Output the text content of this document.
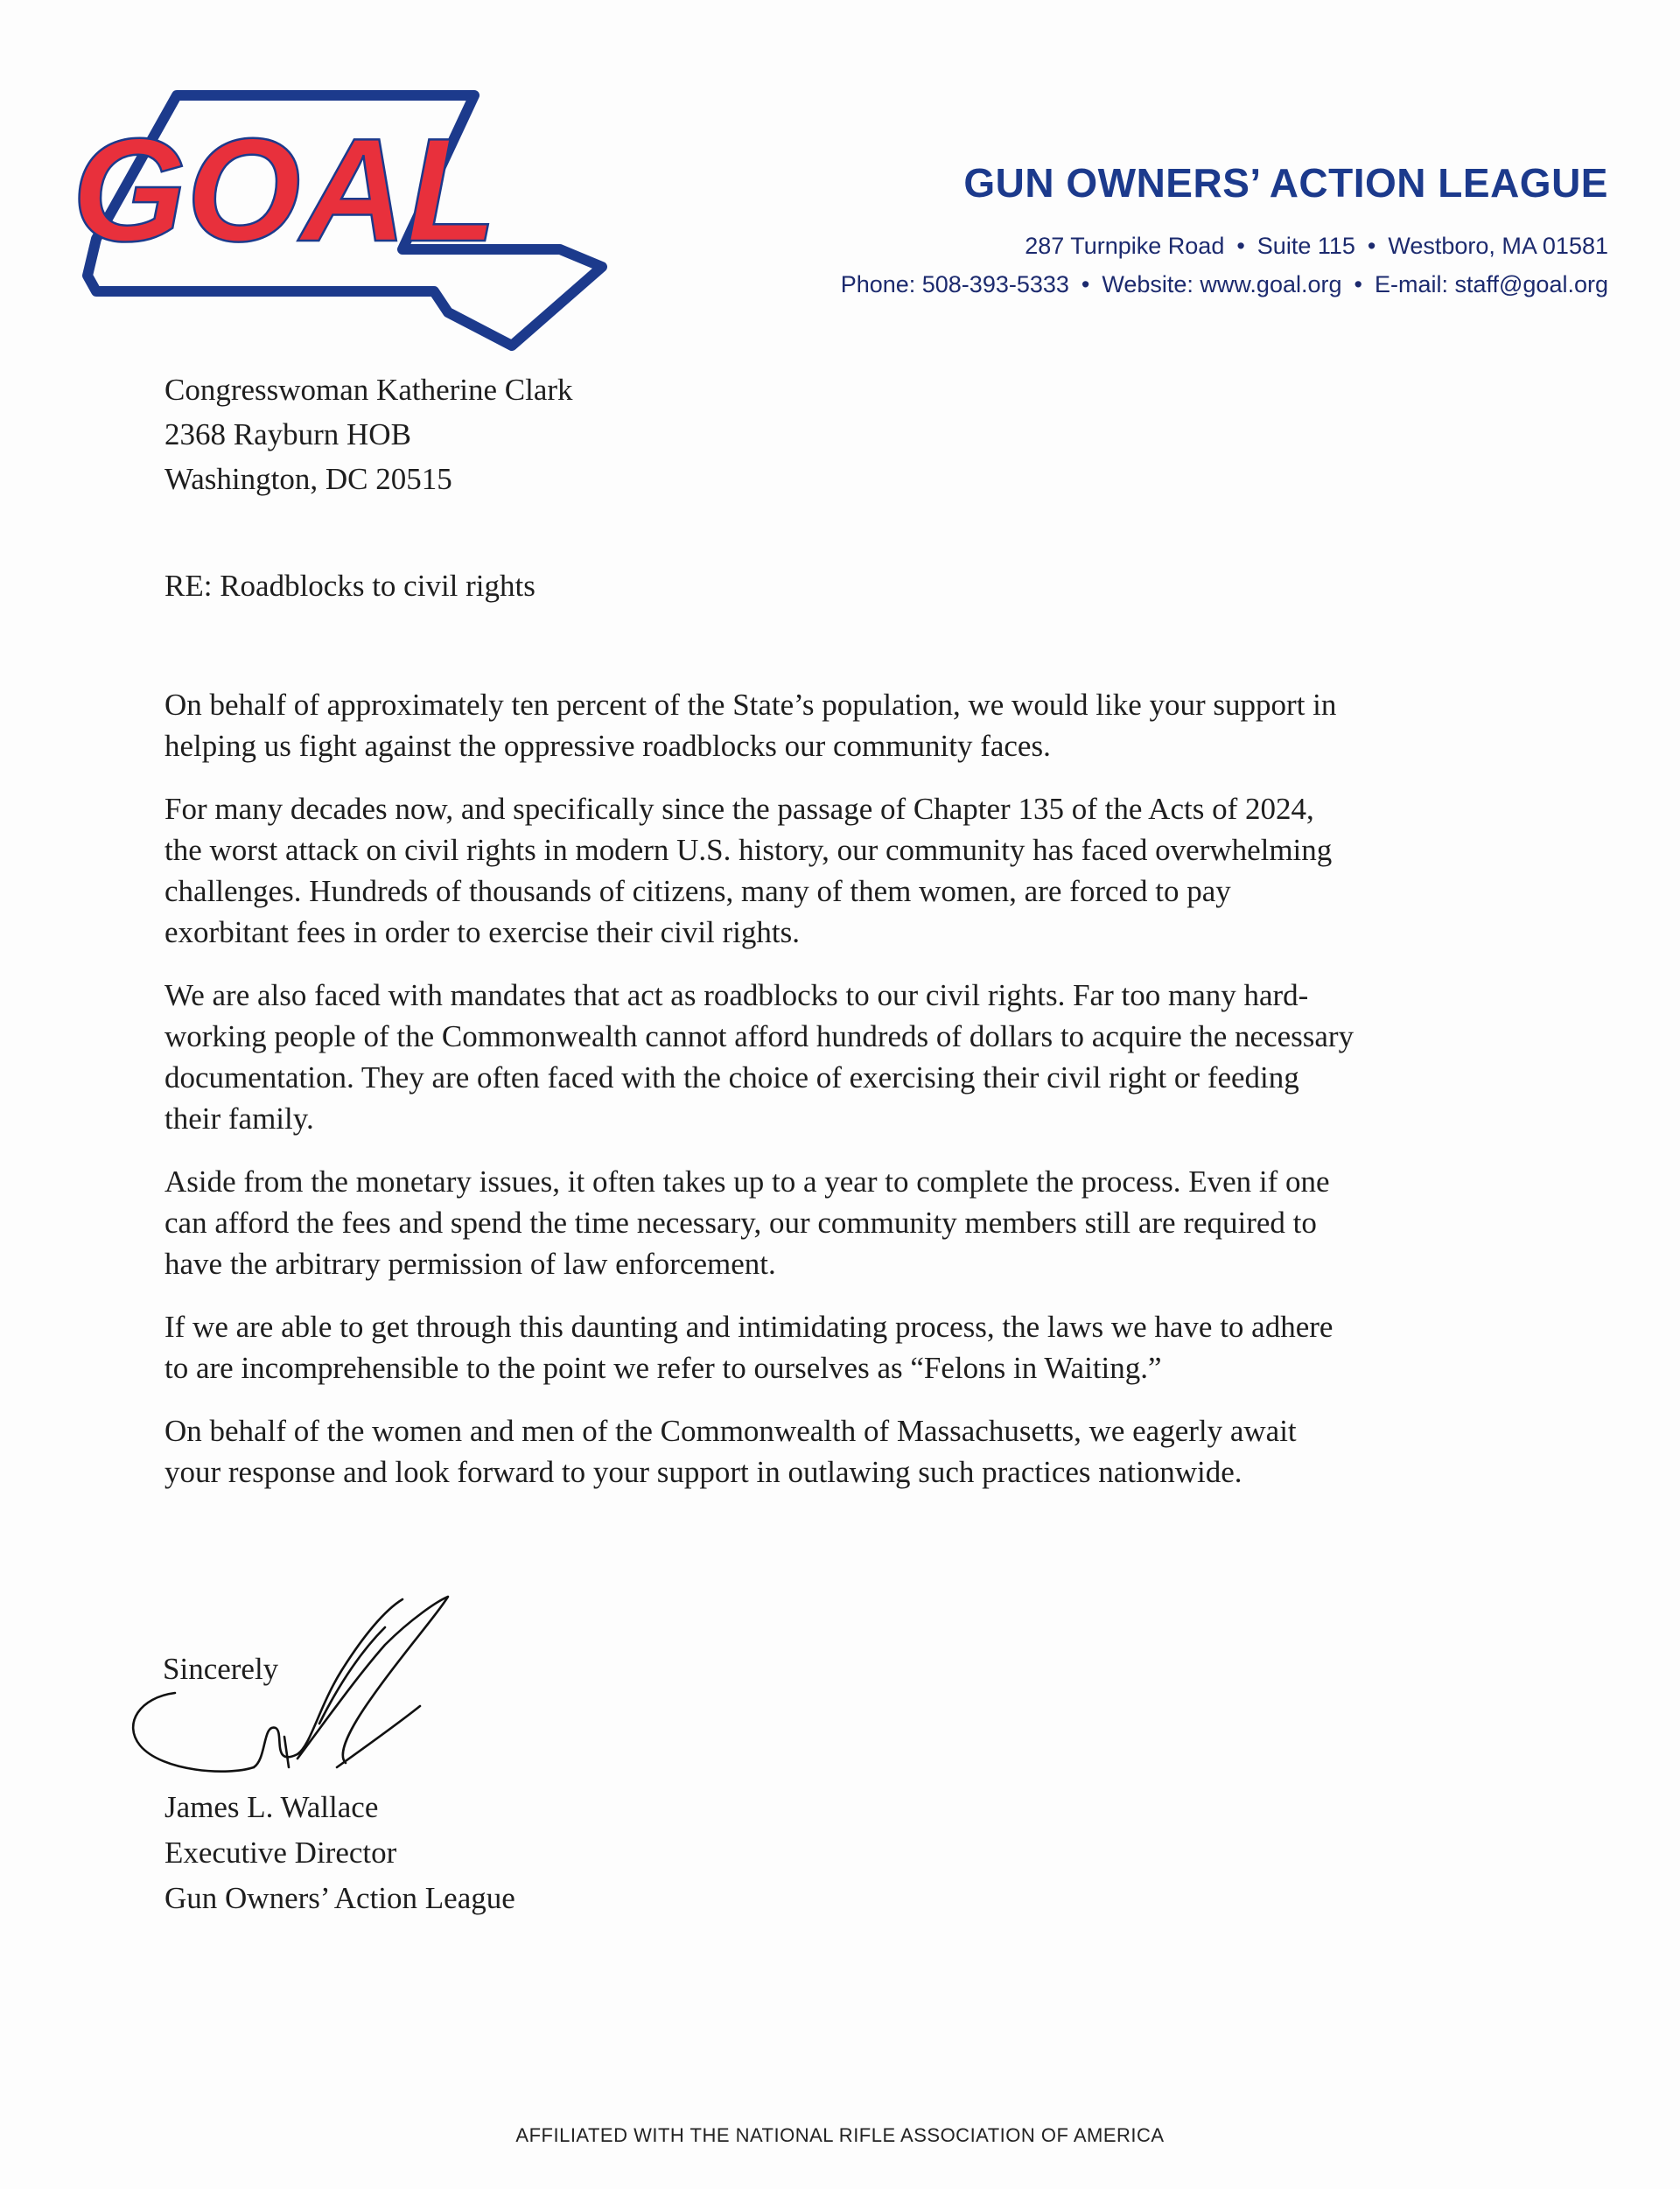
GOAL	GUN OWNERS’ ACTION LEAGUE
287 Turnpike Road • Suite 115 • Westboro, MA 01581
Phone: 508-393-5333 • Website: www.goal.org • E-mail: staff@goal.org
Congresswoman Katherine Clark
2368 Rayburn HOB
Washington, DC 20515
RE: Roadblocks to civil rights

On behalf of approximately ten percent of the State’s population, we would like your support in
helping us fight against the oppressive roadblocks our community faces.

For many decades now, and specifically since the passage of Chapter 135 of the Acts of 2024,
the worst attack on civil rights in modern U.S. history, our community has faced overwhelming
challenges. Hundreds of thousands of citizens, many of them women, are forced to pay
exorbitant fees in order to exercise their civil rights.

We are also faced with mandates that act as roadblocks to our civil rights. Far too many hard-
working people of the Commonwealth cannot afford hundreds of dollars to acquire the necessary
documentation. They are often faced with the choice of exercising their civil right or feeding
their family.

Aside from the monetary issues, it often takes up to a year to complete the process. Even if one
can afford the fees and spend the time necessary, our community members still are required to
have the arbitrary permission of law enforcement.

If we are able to get through this daunting and intimidating process, the laws we have to adhere
to are incomprehensible to the point we refer to ourselves as “Felons in Waiting.”

On behalf of the women and men of the Commonwealth of Massachusetts, we eagerly await
your response and look forward to your support in outlawing such practices nationwide.

Sincerely
James L. Wallace
Executive Director
Gun Owners’ Action League
AFFILIATED WITH THE NATIONAL RIFLE ASSOCIATION OF AMERICA
